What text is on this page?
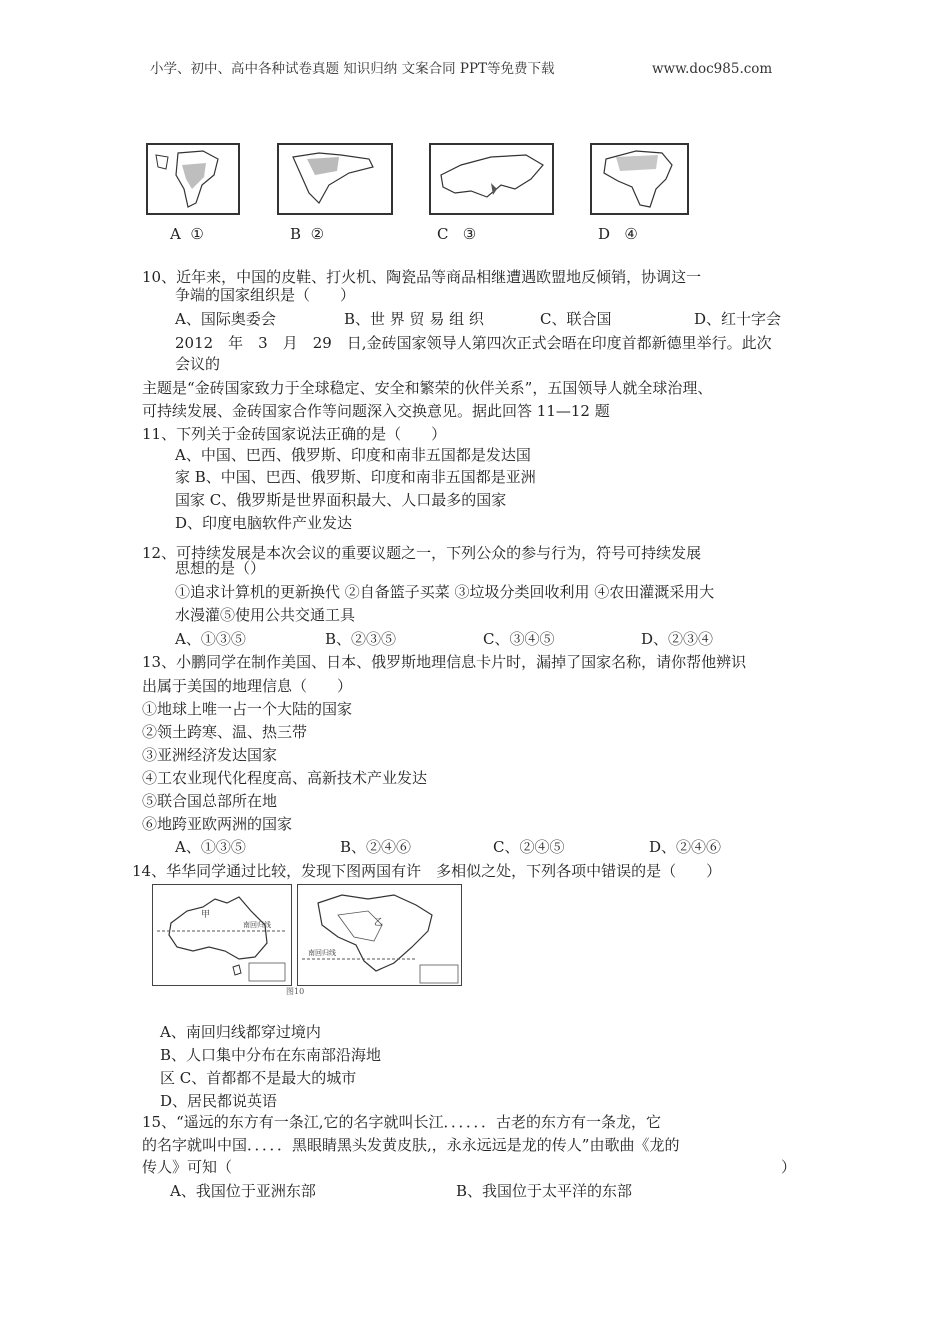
小学、初中、高中各种试卷真题 知识归纳 文案合同 PPT等免费下载	www.doc985.com
A ①	B ②	C ③	D ④
10、近年来，中国的皮鞋、打火机、陶瓷品等商品相继遭遇欧盟地反倾销，协调这一
争端的国家组织是（　　）
A、国际奥委会	B、世 界 贸 易 组 织	C、联合国	D、红十字会
2012　年　3　月　29　日,金砖国家领导人第四次正式会晤在印度首都新德里举行。此次
会议的
主题是“金砖国家致力于全球稳定、安全和繁荣的伙伴关系”，五国领导人就全球治理、
可持续发展、金砖国家合作等问题深入交换意见。据此回答 11—12 题
11、下列关于金砖国家说法正确的是（　　）
A、中国、巴西、俄罗斯、印度和南非五国都是发达国
家 B、中国、巴西、俄罗斯、印度和南非五国都是亚洲
国家 C、俄罗斯是世界面积最大、人口最多的国家
D、印度电脑软件产业发达
12、可持续发展是本次会议的重要议题之一，下列公众的参与行为，符号可持续发展
思想的是（）
①追求计算机的更新换代 ②自备篮子买菜 ③垃圾分类回收利用 ④农田灌溉采用大
水漫灌⑤使用公共交通工具
A、①③⑤	B、②③⑤	C、③④⑤	D、②③④
13、小鹏同学在制作美国、日本、俄罗斯地理信息卡片时，漏掉了国家名称，请你帮他辨识
出属于美国的地理信息（　　）
①地球上唯一占一个大陆的国家
②领土跨寒、温、热三带
③亚洲经济发达国家
④工农业现代化程度高、高新技术产业发达
⑤联合国总部所在地
⑥地跨亚欧两洲的国家
A、①③⑤	B、②④⑥	C、②④⑤	D、②④⑥
14、华华同学通过比较，发现下图两国有许　多相似之处，下列各项中错误的是（　　）
甲
南回归线	乙
南回归线
图10
A、南回归线都穿过境内
B、人口集中分布在东南部沿海地
区 C、首都都不是最大的城市
D、居民都说英语
15、“遥远的东方有一条江,它的名字就叫长江．．．．．．古老的东方有一条龙，它
的名字就叫中国．．．．．黑眼睛黑头发黄皮肤,，永永远远是龙的传人”由歌曲《龙的
传人》可知（	）
A、我国位于亚洲东部	B、我国位于太平洋的东部
